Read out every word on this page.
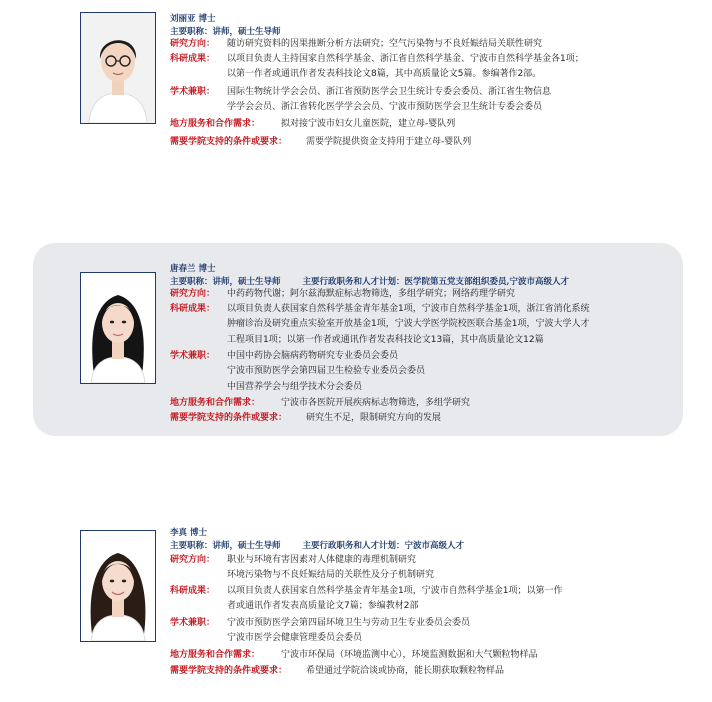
刘丽亚 博士
主要职称：讲师，硕士生导师
研究方向： 随访研究资料的因果推断分析方法研究；空气污染物与不良妊娠结局关联性研究
科研成果： 以项目负责人主持国家自然科学基金、浙江省自然科学基金、宁波市自然科学基金各1项；
以第一作者或通讯作者发表科技论文8篇，其中高质量论文5篇。参编著作2部。
学术兼职： 国际生物统计学会会员、浙江省预防医学会卫生统计专委会委员、浙江省生物信息
学学会会员、浙江省转化医学学会会员、宁波市预防医学会卫生统计专委会委员
地方服务和合作需求： 拟对接宁波市妇女儿童医院，建立母-婴队列
需要学院支持的条件或要求： 需要学院提供资金支持用于建立母-婴队列
唐春兰 博士
主要职称：讲师，硕士生导师	主要行政职务和人才计划：医学院第五党支部组织委员,宁波市高级人才
研究方向： 中药药物代谢；阿尔兹海默症标志物筛选，多组学研究；网络药理学研究
科研成果： 以项目负责人获国家自然科学基金青年基金1项，宁波市自然科学基金1项，浙江省消化系统
肿瘤诊治及研究重点实验室开放基金1项，宁波大学医学院校医联合基金1项，宁波大学人才
工程项目1项；以第一作者或通讯作者发表科技论文13篇，其中高质量论文12篇
学术兼职： 中国中药协会脑病药物研究专业委员会委员
宁波市预防医学会第四届卫生检验专业委员会委员
中国营养学会与组学技术分会委员
地方服务和合作需求： 宁波市各医院开展疾病标志物筛选，多组学研究
需要学院支持的条件或要求： 研究生不足，限制研究方向的发展
李真 博士
主要职称：讲师，硕士生导师	主要行政职务和人才计划：宁波市高级人才
研究方向： 职业与环境有害因素对人体健康的毒理机制研究
环境污染物与不良妊娠结局的关联性及分子机制研究
科研成果： 以项目负责人获国家自然科学基金青年基金1项，宁波市自然科学基金1项；以第一作
者或通讯作者发表高质量论文7篇；参编教材2部
学术兼职： 宁波市预防医学会第四届环境卫生与劳动卫生专业委员会委员
宁波市医学会健康管理委员会委员
地方服务和合作需求： 宁波市环保局（环境监测中心），环境监测数据和大气颗粒物样品
需要学院支持的条件或要求： 希望通过学院洽谈或协商，能长期获取颗粒物样品
